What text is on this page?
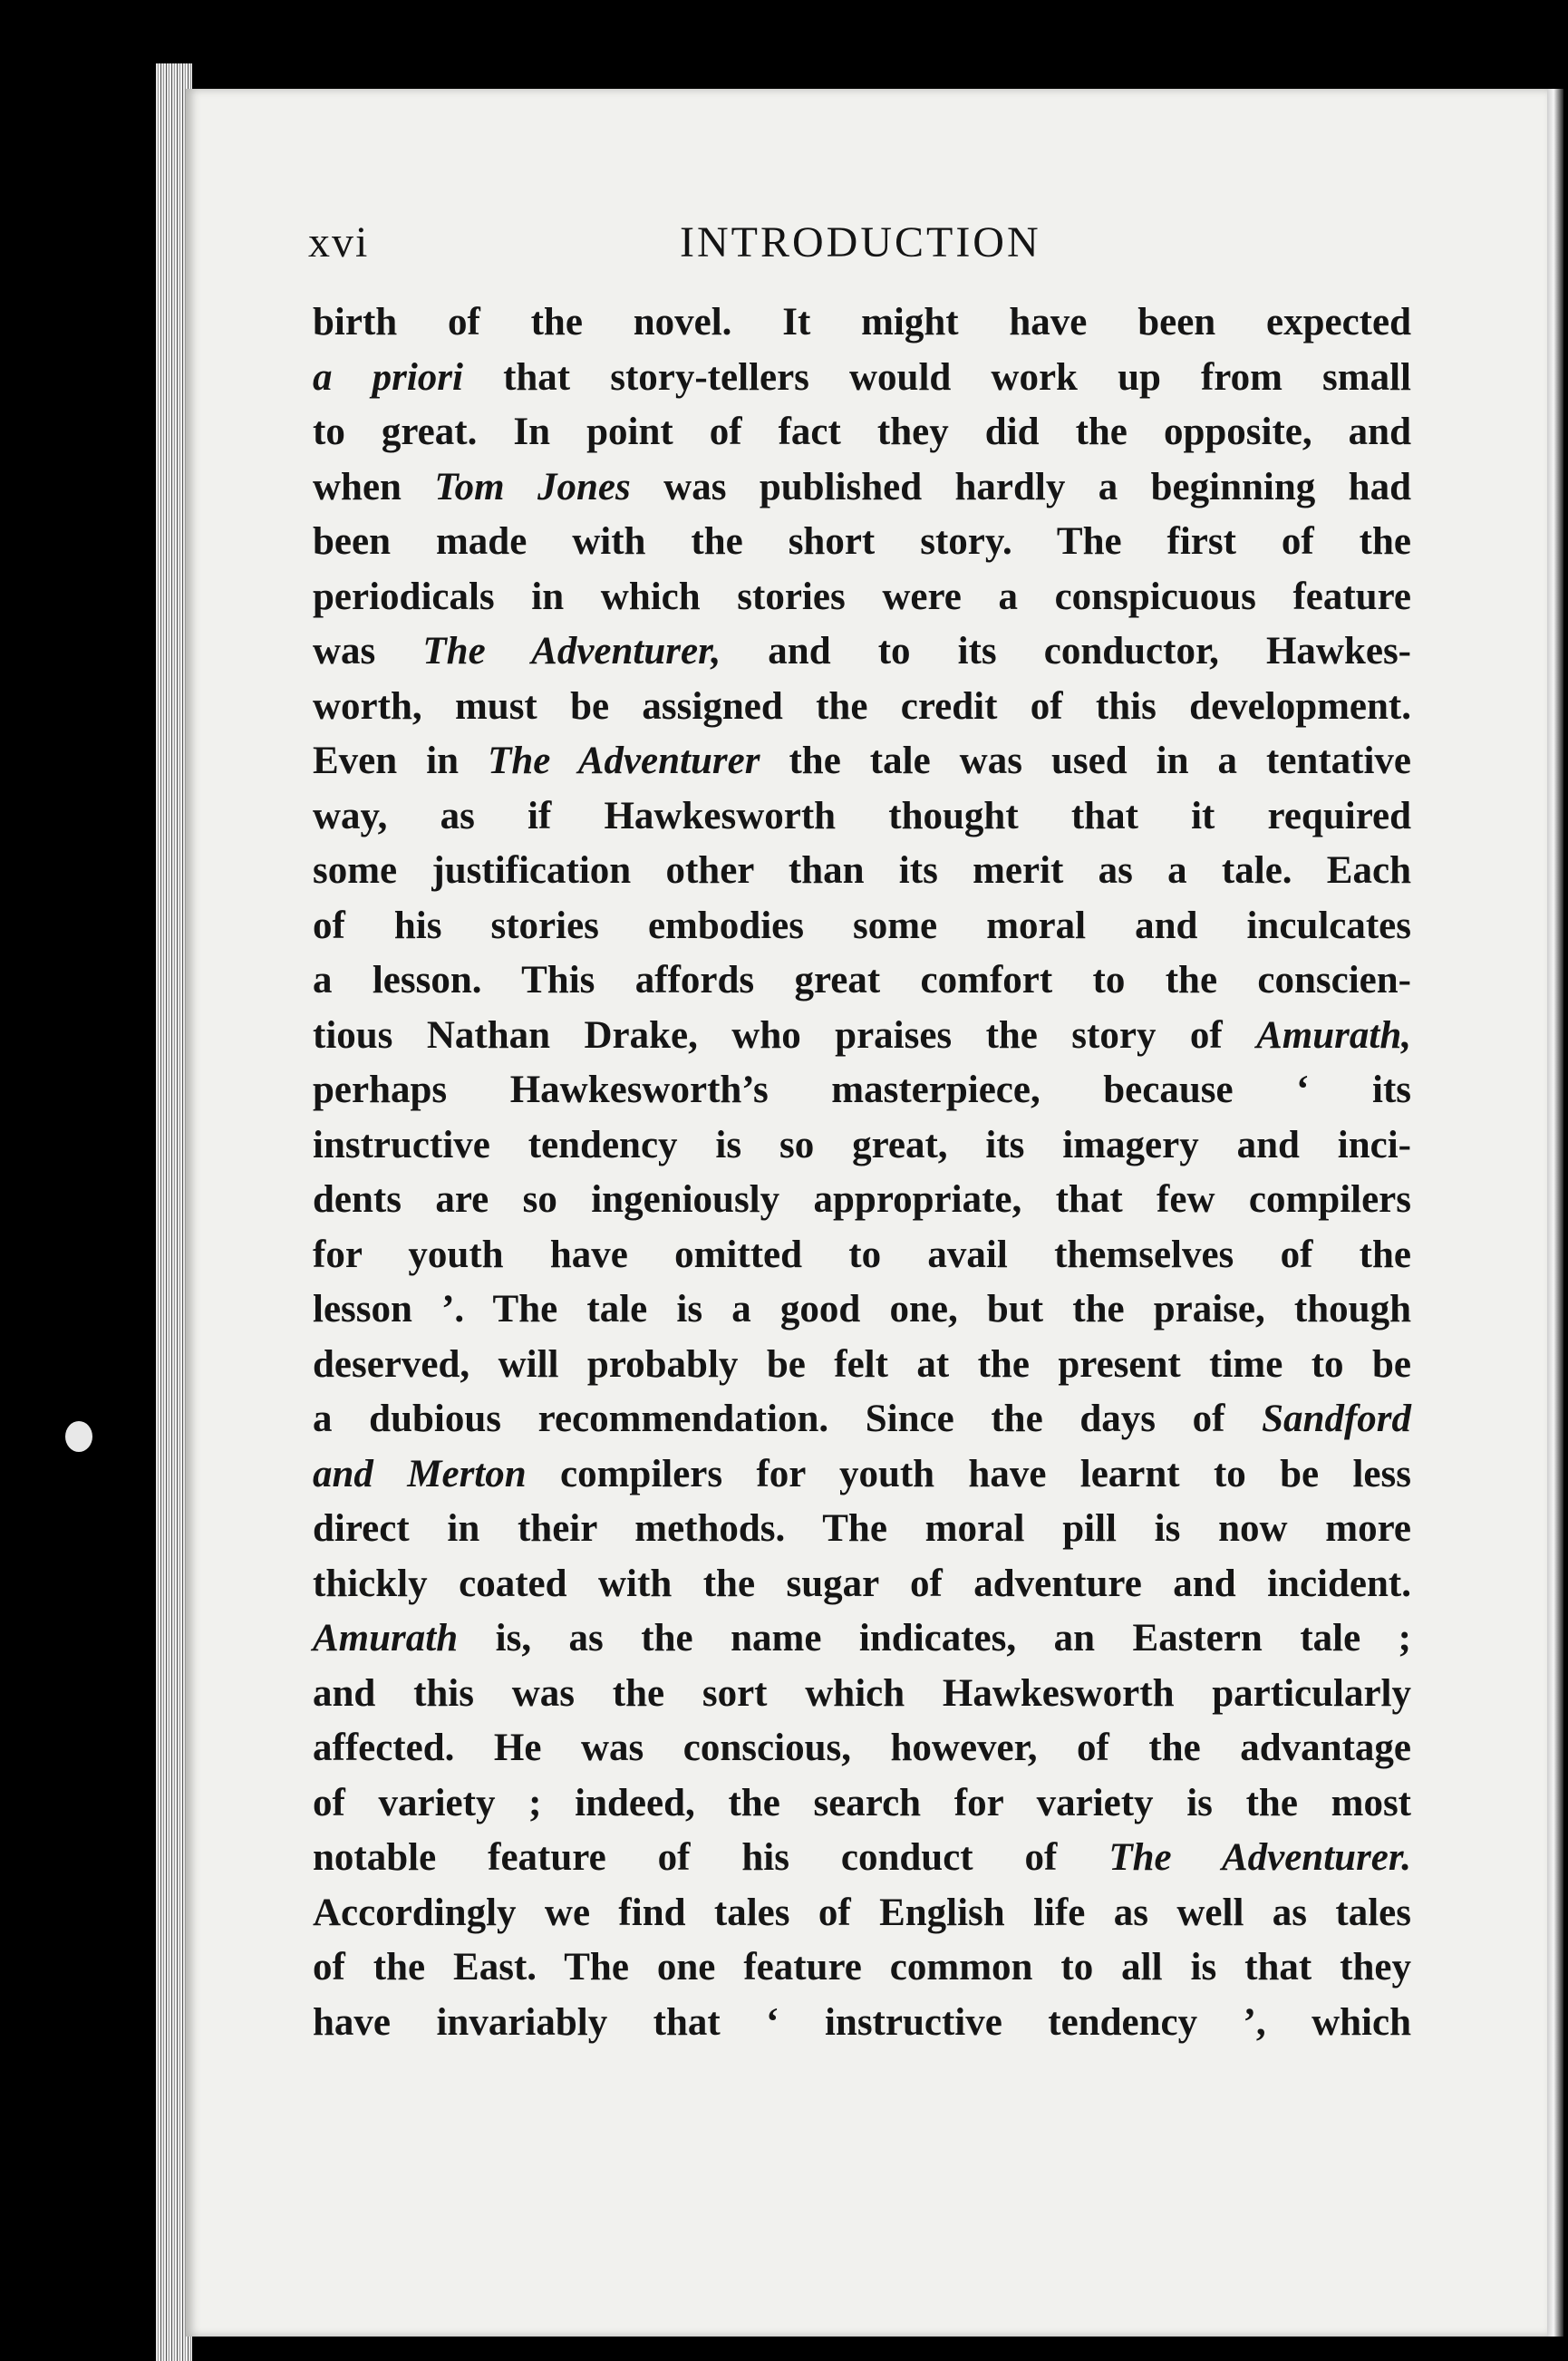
xvi	INTRODUCTION
birth of the novel. It might have been expected
a priori that story-tellers would work up from small
to great. In point of fact they did the opposite, and
when Tom Jones was published hardly a beginning had
been made with the short story. The first of the
periodicals in which stories were a conspicuous feature
was The Adventurer, and to its conductor, Hawkes-
worth, must be assigned the credit of this development.
Even in The Adventurer the tale was used in a tentative
way, as if Hawkesworth thought that it required
some justification other than its merit as a tale. Each
of his stories embodies some moral and inculcates
a lesson. This affords great comfort to the conscien-
tious Nathan Drake, who praises the story of Amurath,
perhaps Hawkesworth’s masterpiece, because ‘ its
instructive tendency is so great, its imagery and inci-
dents are so ingeniously appropriate, that few compilers
for youth have omitted to avail themselves of the
lesson ’. The tale is a good one, but the praise, though
deserved, will probably be felt at the present time to be
a dubious recommendation. Since the days of Sandford
and Merton compilers for youth have learnt to be less
direct in their methods. The moral pill is now more
thickly coated with the sugar of adventure and incident.
Amurath is, as the name indicates, an Eastern tale ;
and this was the sort which Hawkesworth particularly
affected. He was conscious, however, of the advantage
of variety ; indeed, the search for variety is the most
notable feature of his conduct of The Adventurer.
Accordingly we find tales of English life as well as tales
of the East. The one feature common to all is that they
have invariably that ‘ instructive tendency ’, which
